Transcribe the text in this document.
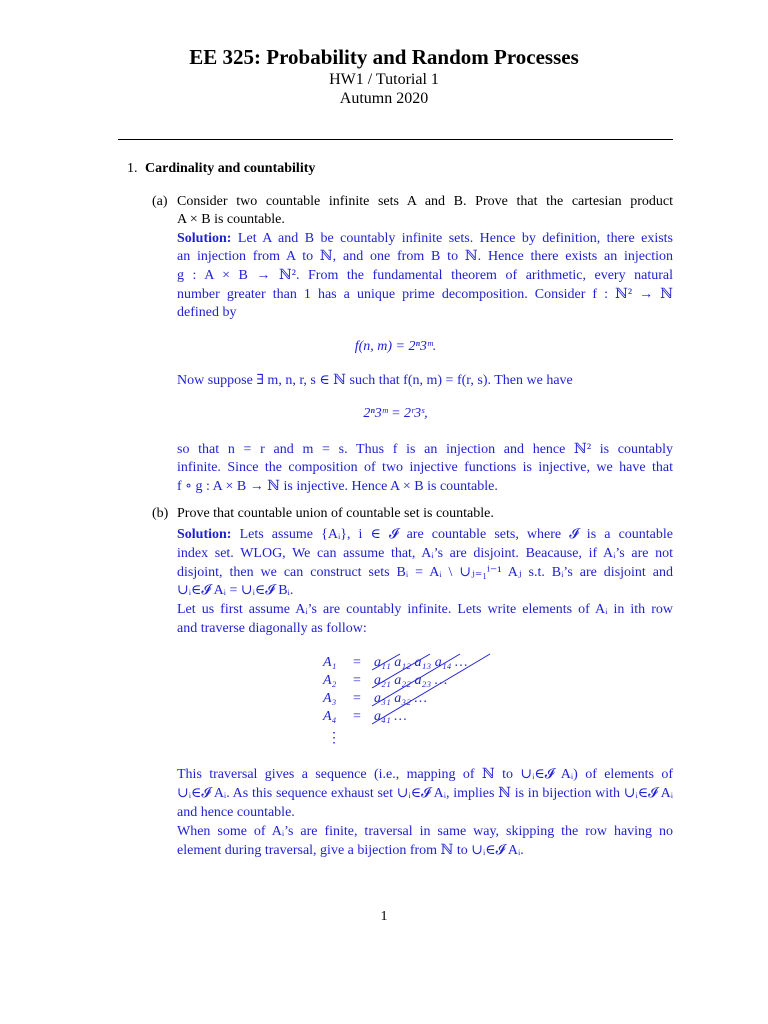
EE 325: Probability and Random Processes
HW1 / Tutorial 1
Autumn 2020
1. Cardinality and countability
(a) Consider two countable infinite sets A and B. Prove that the cartesian product
A × B is countable.
Solution: Let A and B be countably infinite sets. Hence by definition, there exists
an injection from A to ℕ, and one from B to ℕ. Hence there exists an injection
g : A × B → ℕ². From the fundamental theorem of arithmetic, every natural
number greater than 1 has a unique prime decomposition. Consider f : ℕ² → ℕ
defined by
f(n, m) = 2ⁿ3ᵐ.
Now suppose ∃ m, n, r, s ∈ ℕ such that f(n, m) = f(r, s). Then we have
2ⁿ3ᵐ = 2ʳ3ˢ,
so that n = r and m = s. Thus f is an injection and hence ℕ² is countably
infinite. Since the composition of two injective functions is injective, we have that
f ∘ g : A × B → ℕ is injective. Hence A × B is countable.
(b) Prove that countable union of countable set is countable.
Solution: Lets assume {Aᵢ}, i ∈ 𝓘 are countable sets, where 𝓘 is a countable
index set. WLOG, We can assume that, Aᵢ’s are disjoint. Beacause, if Aᵢ’s are not
disjoint, then we can construct sets Bᵢ = Aᵢ \ ∪ⱼ₌₁ⁱ⁻¹ Aⱼ s.t. Bᵢ’s are disjoint and
∪ᵢ∈𝓘 Aᵢ = ∪ᵢ∈𝓘 Bᵢ.
Let us first assume Aᵢ’s are countably infinite. Lets write elements of Aᵢ in ith row
and traverse diagonally as follow:
A₁ = a₁₁ a₁₂ a₁₃ a₁₄ …
A₂ = a₂₁ a₂₂ a₂₃ …
A₃ = a₃₁ a₃₂ …
A₄ = a₄₁ …
⋮
This traversal gives a sequence (i.e., mapping of ℕ to ∪ᵢ∈𝓘 Aᵢ) of elements of
∪ᵢ∈𝓘 Aᵢ. As this sequence exhaust set ∪ᵢ∈𝓘 Aᵢ, implies ℕ is in bijection with ∪ᵢ∈𝓘 Aᵢ
and hence countable.
When some of Aᵢ’s are finite, traversal in same way, skipping the row having no
element during traversal, give a bijection from ℕ to ∪ᵢ∈𝓘 Aᵢ.
1
